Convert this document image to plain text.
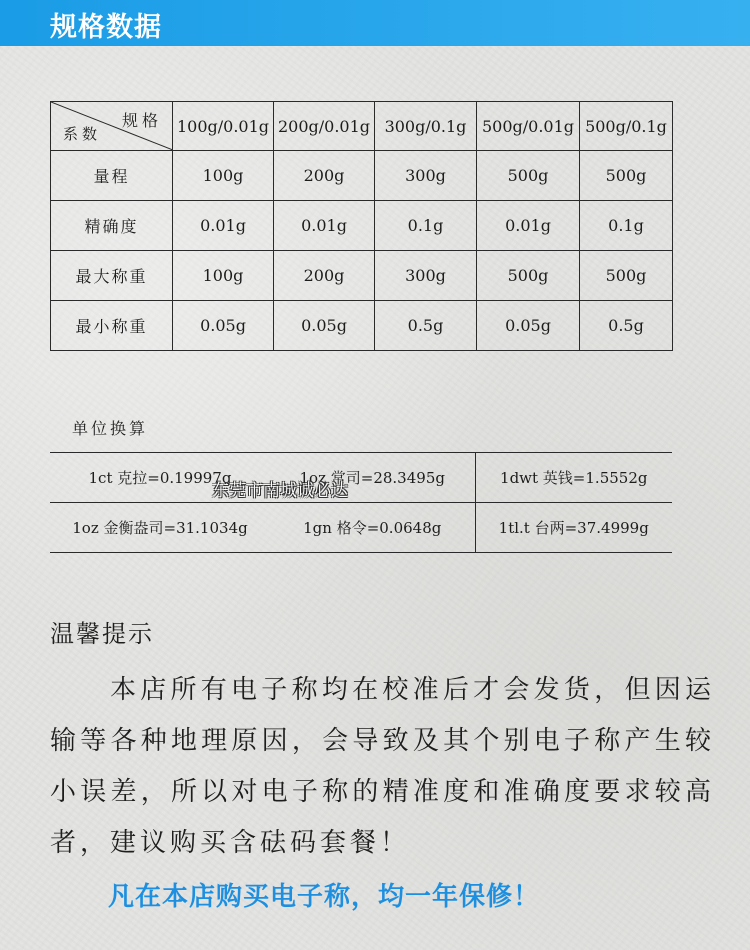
规格数据
规格
系数	100g/0.01g	200g/0.01g	300g/0.1g	500g/0.01g	500g/0.1g
量程	100g	200g	300g	500g	500g
精确度	0.01g	0.01g	0.1g	0.01g	0.1g
最大称重	100g	200g	300g	500g	500g
最小称重	0.05g	0.05g	0.5g	0.05g	0.5g
单位换算
1ct 克拉=0.19997g	1oz 常司=28.3495g	1dwt 英钱=1.5552g
1oz 金衡盎司=31.1034g	1gn 格令=0.0648g	1tl.t 台两=37.4999g
东莞市南城诚必达
温馨提示
本店所有电子称均在校准后才会发货，但因运输等各种地理原因，会导致及其个别电子称产生较小误差，所以对电子称的精准度和准确度要求较高者，建议购买含砝码套餐！
凡在本店购买电子称，均一年保修！
